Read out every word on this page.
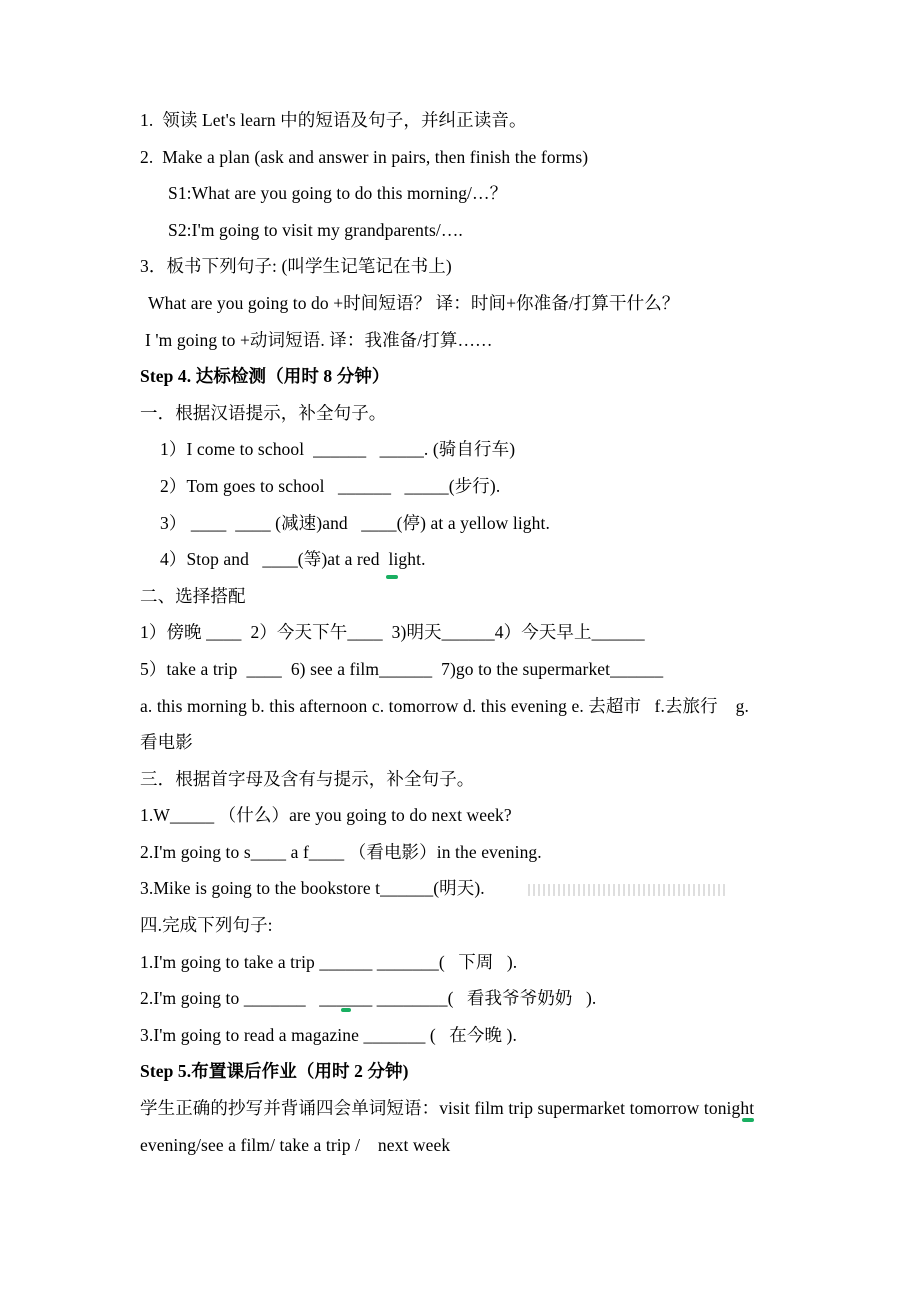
1.  领读 Let's learn 中的短语及句子，并纠正读音。

2.  Make a plan (ask and answer in pairs, then finish the forms)

S1:What are you going to do this morning/…？

S2:I'm going to visit my grandparents/….

3．板书下列句子: (叫学生记笔记在书上)

What are you going to do +时间短语？ 译：时间+你准备/打算干什么？

I 'm going to +动词短语. 译：我准备/打算……

Step 4. 达标检测（用时 8 分钟）

一．根据汉语提示，补全句子。

1）I come to school  ______   _____. (骑自行车)

2）Tom goes to school   ______   _____(步行).

3） ____  ____ (减速)and   ____(停) at a yellow light.

4）Stop and   ____(等)at a red  light.

二、选择搭配

1）傍晚 ____  2）今天下午____  3)明天______4）今天早上______

5）take a trip  ____  6) see a film______  7)go to the supermarket______

a. this morning b. this afternoon c. tomorrow d. this evening e. 去超市   f.去旅行    g.

看电影

三．根据首字母及含有与提示，补全句子。

1.W_____ （什么）are you going to do next week?

2.I'm going to s____ a f____ （看电影）in the evening.

3.Mike is going to the bookstore t______(明天).

四.完成下列句子:

1.I'm going to take a trip ______ _______(   下周   ).

2.I'm going to _______   ______ ________(   看我爷爷奶奶   ).

3.I'm going to read a magazine _______ (   在今晚 ).

Step 5.布置课后作业（用时 2 分钟)

学生正确的抄写并背诵四会单词短语：visit film trip supermarket tomorrow tonight

evening/see a film/ take a trip /    next week
